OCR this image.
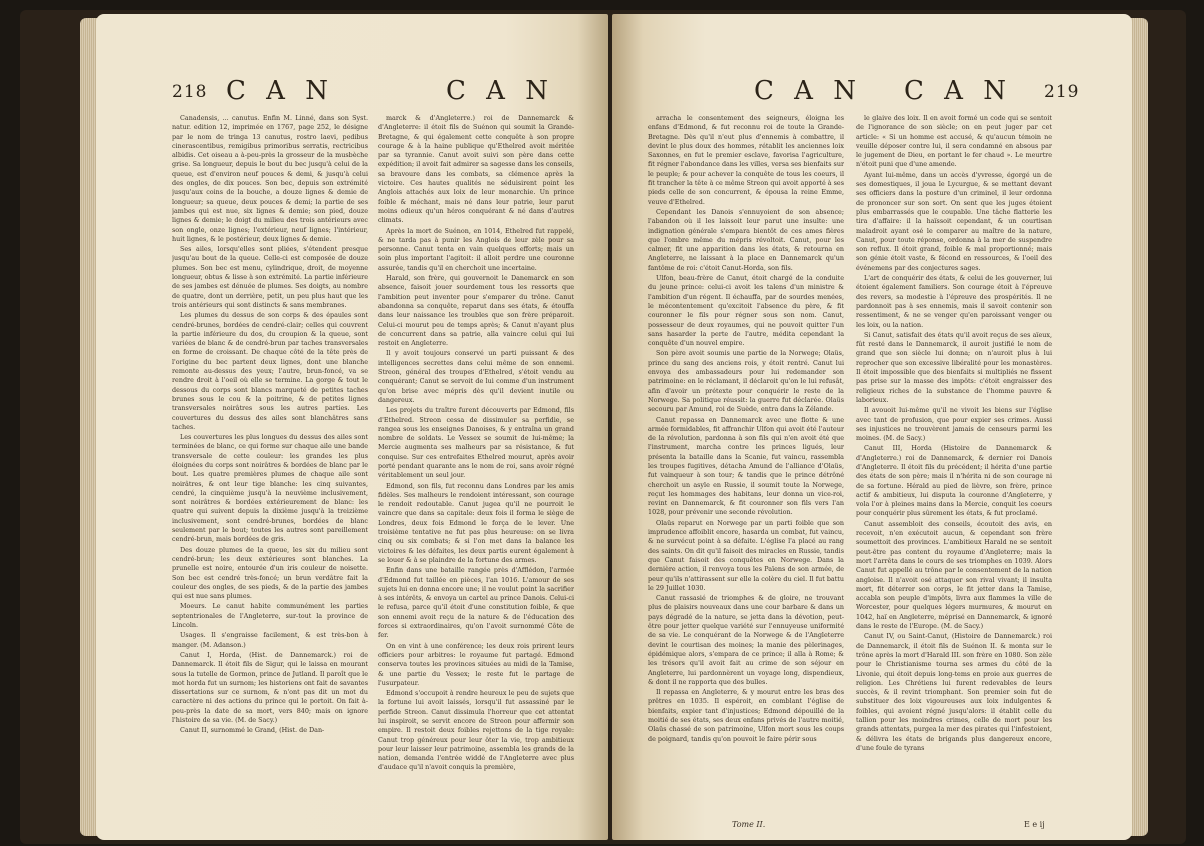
218 C A N	C A N

Canadensis, ... canutus. Enfin M. Linné, dans son Syst. natur. edition 12, imprimée en 1767, page 252, le désigne par le nom de tringa 13 canutus, rostro laevi, pedibus cinerascentibus, remigibus primoribus serratis, rectricibus albidis. Cet oiseau a à-peu-près la grosseur de la musbèche grise. Sa longueur, depuis le bout du bec jusqu'à celui de la queue, est d'environ neuf pouces & demi, & jusqu'à celui des ongles, de dix pouces. Son bec, depuis son extrémité jusqu'aux coins de la bouche, a douze lignes & demie de longueur; sa queue, deux pouces & demi; la partie de ses jambes qui est nue, six lignes & demie; son pied, douze lignes & demie; le doigt du milieu des trois antérieurs avec son ongle, onze lignes; l'extérieur, neuf lignes; l'intérieur, huit lignes, & le postérieur, deux lignes & demie.

Ses ailes, lorsqu'elles sont pliées, s'étendent presque jusqu'au bout de la queue. Celle-ci est composée de douze plumes. Son bec est menu, cylindrique, droit, de moyenne longueur, obtus & lisse à son extrémité. La partie inférieure de ses jambes est dénuée de plumes. Ses doigts, au nombre de quatre, dont un derrière, petit, un peu plus haut que les trois antérieurs qui sont distincts & sans membranes.

Les plumes du dessus de son corps & des épaules sont cendré-brunes, bordées de cendré-clair; celles qui couvrent la partie inférieure du dos, du croupion & la queue, sont variées de blanc & de cendré-brun par taches transversales en forme de croissant. De chaque côté de la tête près de l'origine du bec partent deux lignes, dont une blanche remonte au-dessus des yeux; l'autre, brun-foncé, va se rendre droit à l'oeil où elle se termine. La gorge & tout le dessous du corps sont blancs marqueté de petites taches brunes sous le cou & la poitrine, & de petites lignes transversales noirâtres sous les autres parties. Les couvertures du dessus des ailes sont blanchâtres sans taches.

Les couvertures les plus longues du dessus des ailes sont terminées de blanc, ce qui forme sur chaque aile une bande transversale de cette couleur: les grandes les plus éloignées du corps sont noirâtres & bordées de blanc par le bout. Les quatre premières plumes de chaque aile sont noirâtres, & ont leur tige blanche: les cinq suivantes, cendré, la cinquième jusqu'à la neuvième inclusivement, sont noirâtres & bordées extérieurement de blanc: les quatre qui suivent depuis la dixième jusqu'à la treizième inclusivement, sont cendré-brunes, bordées de blanc seulement par le bout; toutes les autres sont pareillement cendré-brun, mais bordées de gris.

Des douze plumes de la queue, les six du milieu sont cendré-brun; les deux extérieures sont blanches. La prunelle est noire, entourée d'un iris couleur de noisette. Son bec est cendré très-foncé; un brun verdâtre fait la couleur des ongles, de ses pieds, & de la partie des jambes qui est nue sans plumes.

Moeurs. Le canut habite communément les parties septentrionales de l'Angleterre, sur-tout la province de Lincoln.

Usages. Il s'engraisse facilement, & est très-bon à manger. (M. Adanson.)

Canut I, Horda, (Hist. de Dannemarck.) roi de Dannemarck. Il étoit fils de Sigur, qui le laissa en mourant sous la tutelle de Gormon, prince de Jutland. Il paroît que le mot horda fut un surnom; les historiens ont fait de savantes dissertations sur ce surnom, & n'ont pas dit un mot du caractère ni des actions du prince qui le portoit. On fait à-peu-près la date de sa mort, vers 840; mais on ignore l'histoire de sa vie. (M. de Sacy.)

Canut II, surnommé le Grand, (Hist. de Dan-

marck & d'Angleterre.) roi de Dannemarck & d'Angleterre: il étoit fils de Suénon qui soumit la Grande-Bretagne, & qui également cette conquête à son propre courage & à la haine publique qu'Ethelred avoit méritée par sa tyrannie. Canut avoit suivi son père dans cette expédition; il avoit fait admirer sa sagesse dans les conseils, sa bravoure dans les combats, sa clémence après la victoire. Ces hautes qualités ne séduisirent point les Anglois attachés aux loix de leur monarchie. Un prince foible & méchant, mais né dans leur patrie, leur parut moins odieux qu'un héros conquérant & né dans d'autres climats.

Après la mort de Suénon, en 1014, Ethelred fut rappelé, & ne tarda pas à punir les Anglois de leur zèle pour sa personne. Canut tenta en vain quelques efforts; mais un soin plus important l'agitoit: il alloit perdre une couronne assurée, tandis qu'il en cherchoit une incertaine.

Harald, son frère, qui gouvernoit le Danemarck en son absence, faisoit jouer sourdement tous les ressorts que l'ambition peut inventer pour s'emparer du trône. Canut abandonna sa conquête, reparut dans ses états, & étouffa dans leur naissance les troubles que son frère préparoit. Celui-ci mourut peu de temps après; & Canut n'ayant plus de concurrent dans sa patrie, alla vaincre celui qui lui restoit en Angleterre.

Il y avoit toujours conservé un parti puissant & des intelligences secrettes dans celui même de son ennemi. Streon, général des troupes d'Ethelred, s'étoit vendu au conquérant; Canut se servoit de lui comme d'un instrument qu'on brise avec mépris dès qu'il devient inutile ou dangereux.

Les projets du traître furent découverts par Edmond, fils d'Ethelred. Streon cessa de dissimuler sa perfidie, se rangea sous les enseignes Danoises, & y entraîna un grand nombre de soldats. Le Vessex se soumit de lui-même; la Mercie augmenta ses malheurs par sa résistance, & fut conquise. Sur ces entrefaites Ethelred mourut, après avoir porté pendant quarante ans le nom de roi, sans avoir régné véritablement un seul jour.

Edmond, son fils, fut reconnu dans Londres par les amis fidèles. Ses malheurs le rendoient intéressant, son courage le rendoit redoutable. Canut jugea qu'il ne pourroit le vaincre que dans sa capitale: deux fois il forma le siège de Londres, deux fois Edmond le força de le lever. Une troisième tentative ne fut pas plus heureuse: on se livra cinq ou six combats; & si l'on met dans la balance les victoires & les défaites, les deux partis eurent également à se louer & à se plaindre de la fortune des armes.

Enfin dans une bataille rangée près d'Afflédon, l'armée d'Edmond fut taillée en pièces, l'an 1016. L'amour de ses sujets lui en donna encore une; il ne voulut point la sacrifier à ses intérêts, & envoya un cartel au prince Danois. Celui-ci le refusa, parce qu'il étoit d'une constitution foible, & que son ennemi avoit reçu de la nature & de l'éducation des forces si extraordinaires, qu'on l'avoit surnommé Côte de fer.

On en vint à une conférence; les deux rois prirent leurs officiers pour arbitres: le royaume fut partagé. Edmond conserva toutes les provinces situées au midi de la Tamise, & une partie du Vessex; le reste fut le partage de l'usurpateur.

Edmond s'occupoit à rendre heureux le peu de sujets que la fortune lui avoit laissés, lorsqu'il fut assassiné par le perfide Streon. Canut dissimula l'horreur que cet attentat lui inspiroit, se servit encore de Streon pour affermir son empire. Il restoit deux foibles rejettons de la tige royale: Canut trop généreux pour leur ôter la vie, trop ambitieux pour leur laisser leur patrimoine, assembla les grands de la nation, demanda l'entrée widdé de l'Angleterre avec plus d'audace qu'il n'avoit conquis la première,

C A N C A N 219

arracha le consentement des seigneurs, éloigna les enfans d'Edmond, & fut reconnu roi de toute la Grande-Bretagne. Dès qu'il n'eut plus d'ennemis à combattre, il devint le plus doux des hommes, rétablit les anciennes loix Saxonnes, en fut le premier esclave, favorisa l'agriculture, fit régner l'abondance dans les villes, versa ses bienfaits sur le peuple; & pour achever la conquête de tous les coeurs, il fit trancher la tête à ce même Streon qui avoit apporté à ses pieds celle de son concurrent, & épousa la reine Emme, veuve d'Ethelred.

Cependant les Danois s'ennuyoient de son absence; l'abandon où il les laissoit leur parut une insulte: une indignation générale s'empara bientôt de ces ames fières que l'ombre même du mépris révoltoit. Canut, pour les calmer, fit une apparition dans les états, & retourna en Angleterre, ne laissant à la place en Dannemarck qu'un fantôme de roi: c'étoit Canut-Horda, son fils.

Ulfon, beau-frère de Canut, étoit chargé de la conduite du jeune prince: celui-ci avoit les talens d'un ministre & l'ambition d'un régent. Il échauffa, par de sourdes menées, le mécontentement qu'excitoit l'absence du père, & fit couronner le fils pour régner sous son nom. Canut, possesseur de deux royaumes, qui ne pouvoit quitter l'un sans hasarder la perte de l'autre, médita cependant la conquête d'un nouvel empire.

Son père avoit soumis une partie de la Norwege; Olaüs, prince du sang des anciens rois, y étoit rentré. Canut lui envoya des ambassadeurs pour lui redemander son patrimoine: en le réclamant, il déclaroit qu'on le lui refusât, afin d'avoir un prétexte pour conquérir le reste de la Norwege. Sa politique réussit: la guerre fut déclarée. Olaüs secouru par Amund, roi de Suède, entra dans la Zélande.

Canut repassa en Dannemarck avec une flotte & une armée formidables, fit affranchir Ulfon qui avoit été l'auteur de la révolution, pardonna à son fils qui n'en avoit été que l'instrument, marcha contre les princes ligués, leur présenta la bataille dans la Scanie, fut vaincu, rassembla les troupes fugitives, détacha Amund de l'alliance d'Olaüs, fut vainqueur à son tour; & tandis que le prince détrôné cherchoit un asyle en Russie, il soumit toute la Norwege, reçut les hommages des habitans, leur donna un vice-roi, revint en Dannemarck, & fit couronner son fils vers l'an 1028, pour prévenir une seconde révolution.

Olaüs reparut en Norwege par un parti foible que son imprudence affoiblit encore, hasarda un combat, fut vaincu, & ne survécut point à sa défaite. L'église l'a placé au rang des saints. On dit qu'il faisoit des miracles en Russie, tandis que Canut faisoit des conquêtes en Norwege. Dans la dernière action, il renvoya tous les Païens de son armée, de peur qu'ils n'attirassent sur elle la colère du ciel. Il fut battu le 29 Juillet 1030.

Canut rassasié de triomphes & de gloire, ne trouvant plus de plaisirs nouveaux dans une cour barbare & dans un pays dégradé de la nature, se jetta dans la dévotion, peut-être pour jetter quelque variété sur l'ennuyeuse uniformité de sa vie. Le conquérant de la Norwege & de l'Angleterre devint le courtisan des moines; la manie des pèlerinages, épidémique alors, s'empara de ce prince; il alla à Rome; & les trésors qu'il avoit fait au crime de son séjour en Angleterre, lui pardonnèrent un voyage long, dispendieux, & dont il ne rapporta que des bulles.

Il repassa en Angleterre, & y mourut entre les bras des prêtres en 1035. Il espéroit, en comblant l'église de bienfaits, expier tant d'injustices; Edmond dépouillé de la moitié de ses états, ses deux enfans privés de l'autre moitié, Olaüs chassé de son patrimoine, Ulfon mort sous les coups de poignard, tandis qu'on pouvoit le faire périr sous

Tome II.

le glaive des loix. Il en avoit formé un code qui se sentoit de l'ignorance de son siècle; on en peut juger par cet article: « Si un homme est accusé, & qu'aucun témoin ne veuille déposer contre lui, il sera condamné en absous par le jugement de Dieu, en portant le fer chaud ». Le meurtre n'étoit puni que d'une amende.

Ayant lui-même, dans un accès d'yvresse, égorgé un de ses domestiques, il joua le Lycurgue, & se mettant devant ses officiers dans la posture d'un criminel, il leur ordonna de prononcer sur son sort. On sent que les juges étoient plus embarrassés que le coupable. Une tâche flatterie les tira d'affaire: il la haïssoit cependant, & un courtisan maladroit ayant osé le comparer au maître de la nature, Canut, pour toute réponse, ordonna à la mer de suspendre son reflux. Il étoit grand, foible & mal proportionné; mais son génie étoit vaste, & fécond en ressources, & l'oeil des événemens par des conjectures sages.

L'art de conquérir des états, & celui de les gouverner, lui étoient également familiers. Son courage étoit à l'épreuve des revers, sa modestie à l'épreuve des prospérités. Il ne pardonnoit pas à ses ennemis, mais il savoit contenir son ressentiment, & ne se venger qu'en paroissant venger ou les loix, ou la nation.

Si Canut, satisfait des états qu'il avoit reçus de ses aïeux, fût resté dans le Dannemarck, il auroit justifié le nom de grand que son siècle lui donna; on n'auroit plus à lui reprocher que son excessive libéralité pour les monastères. Il étoit impossible que des bienfaits si multipliés ne fissent pas prise sur la masse des impôts: c'étoit engraisser des religieux riches de la substance de l'homme pauvre & laborieux.

Il avouoit lui-même qu'il ne vivoit les biens sur l'église avec tant de profusion, que pour expier ses crimes. Aussi ses injustices ne trouvèrent jamais de censeurs parmi les moines. (M. de Sacy.)

Canut III, Horda (Histoire de Dannemarck & d'Angleterre.) roi de Dannemarck, & dernier roi Danois d'Angleterre. Il étoit fils du précédent; il hérita d'une partie des états de son père; mais il n'hérita ni de son courage ni de sa fortune. Hérald au pied de lièvre, son frère, prince actif & ambitieux, lui disputa la couronne d'Angleterre, y vola l'or à pleines mains dans la Mercie, conquit les coeurs pour conquérir plus sûrement les états, & fut proclamé.

Canut assembloit des conseils, écoutoit des avis, en recevoit, n'en exécutoit aucun, & cependant son frère soumettoit des provinces. L'ambitieux Harald ne se sentoit peut-être pas content du royaume d'Angleterre; mais la mort l'arrêta dans le cours de ses triomphes en 1039. Alors Canut fut appellé au trône par le consentement de la nation angloise. Il n'avoit osé attaquer son rival vivant; il insulta mort, fit déterrer son corps, le fit jetter dans la Tamise, accabla son peuple d'impôts, livra aux flammes la ville de Worcester, pour quelques légers murmures, & mourut en 1042, haï en Angleterre, méprisé en Dannemarck, & ignoré dans le reste de l'Europe. (M. de Sacy.)

Canut IV, ou Saint-Canut, (Histoire de Dannemarck.) roi de Dannemarck, il étoit fils de Suénon II. & monta sur le trône après la mort d'Harald III. son frère en 1080. Son zèle pour le Christianisme tourna ses armes du côté de la Livonie, qui étoit depuis long-tems en proie aux guerres de religion. Les Chrétiens lui furent redevables de leurs succès, & il revint triomphant. Son premier soin fut de substituer des loix vigoureuses aux loix indulgentes & foibles, qui avoient régné jusqu'alors: il établit celle du tallion pour les moindres crimes, celle de mort pour les grands attentats, purgea la mer des pirates qui l'infestoient, & délivra les états de brigands plus dangereux encore, d'une foule de tyrans

E e ij
